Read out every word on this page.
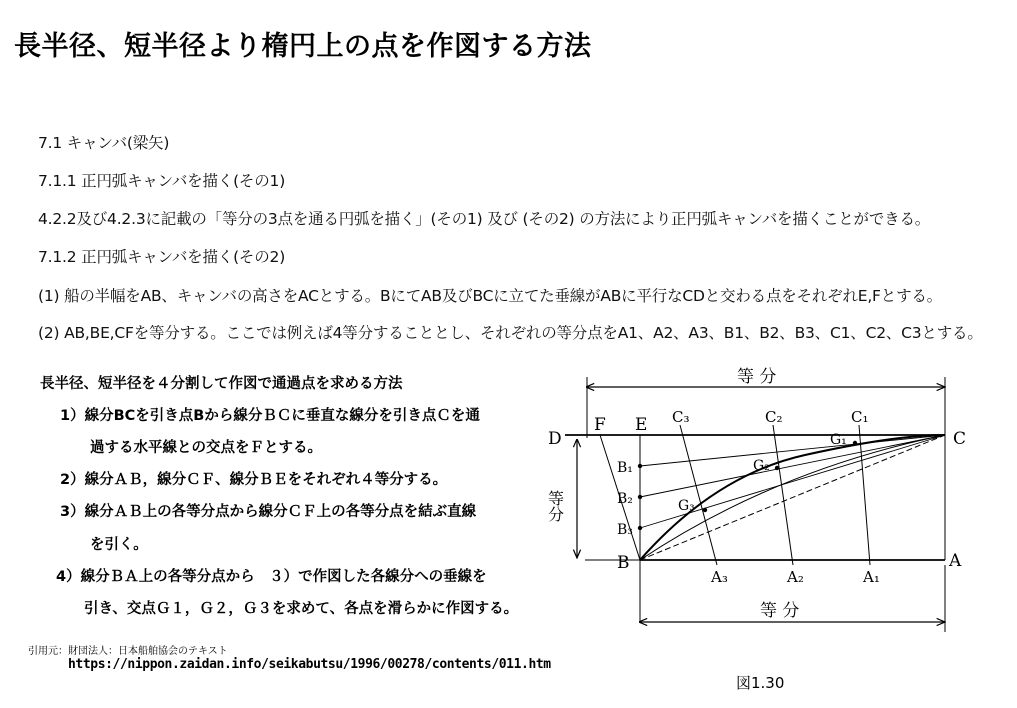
長半径、短半径より楕円上の点を作図する方法
7.1 キャンバ(梁矢)
7.1.1 正円弧キャンバを描く(その1)
4.2.2及び4.2.3に記載の「等分の3点を通る円弧を描く」(その1) 及び (その2) の方法により正円弧キャンバを描くことができる。
7.1.2 正円弧キャンバを描く(その2)
(1) 船の半幅をAB、キャンバの高さをACとする。BにてAB及びBCに立てた垂線がABに平行なCDと交わる点をそれぞれE,Fとする。
(2) AB,BE,CFを等分する。ここでは例えば4等分することとし、それぞれの等分点をA1、A2、A3、B1、B2、B3、C1、C2、C3とする。
長半径、短半径を４分割して作図で通過点を求める方法
1）線分BCを引き点Bから線分ＢＣに垂直な線分を引き点Ｃを通
過する水平線との交点をＦとする。
2）線分ＡＢ，線分ＣＦ、線分ＢＥをそれぞれ４等分する。
3）線分ＡＢ上の各等分点から線分ＣＦ上の各等分点を結ぶ直線
を引く。
4）線分ＢＡ上の各等分点から　３）で作図した各線分への垂線を
引き、交点Ｇ１，Ｇ２，Ｇ３を求めて、各点を滑らかに作図する。
引用元：財団法人：日本船舶協会のテキスト
https://nippon.zaidan.info/seikabutsu/1996/00278/contents/011.htm
等 分
等分
等 分
D
F E
C
B	A
C₃	C₂	C₁
G₁
G₂
G₃
B₁
B₂
B₃
A₃	A₂	A₁
図1.30
